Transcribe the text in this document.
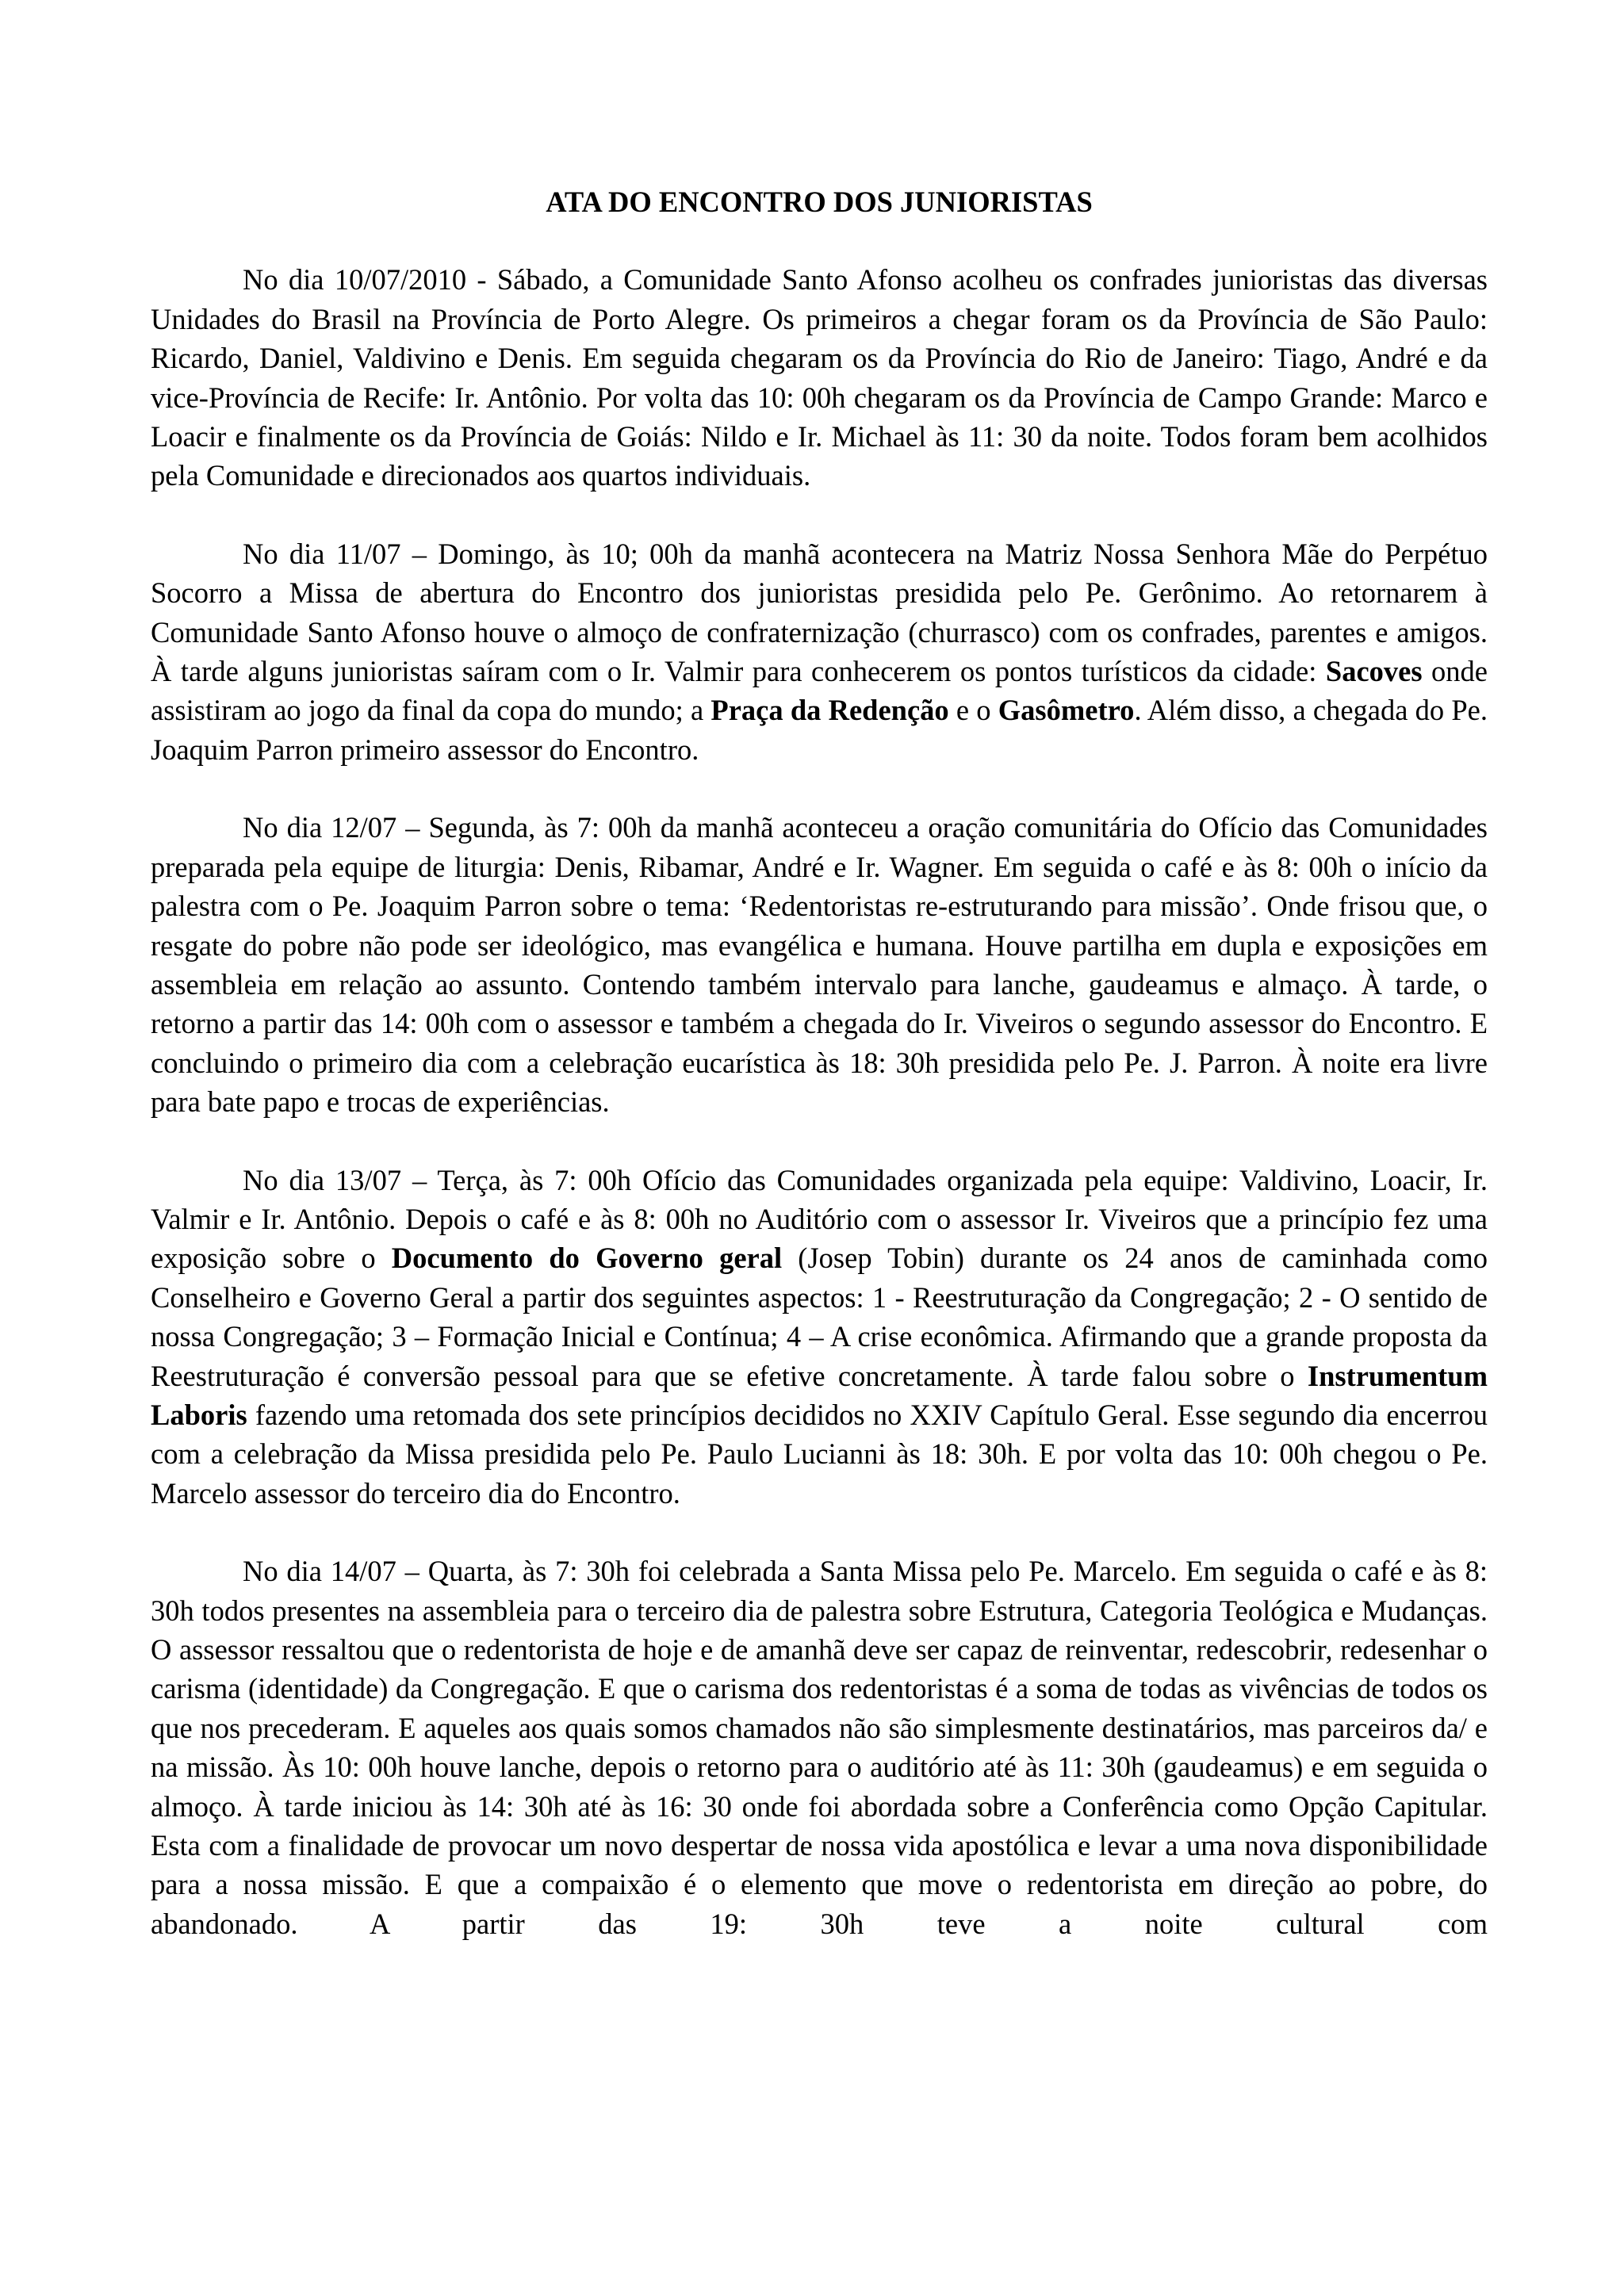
ATA DO ENCONTRO DOS JUNIORISTAS

No dia 10/07/2010 - Sábado, a Comunidade Santo Afonso acolheu os confrades junioristas das diversas Unidades do Brasil na Província de Porto Alegre. Os primeiros a chegar foram os da Província de São Paulo: Ricardo, Daniel, Valdivino e Denis. Em seguida chegaram os da Província do Rio de Janeiro: Tiago, André e da vice-Província de Recife: Ir. Antônio. Por volta das 10: 00h chegaram os da Província de Campo Grande: Marco e Loacir e finalmente os da Província de Goiás: Nildo e Ir. Michael às 11: 30 da noite. Todos foram bem acolhidos pela Comunidade e direcionados aos quartos individuais.

No dia 11/07 – Domingo, às 10; 00h da manhã acontecera na Matriz Nossa Senhora Mãe do Perpétuo Socorro a Missa de abertura do Encontro dos junioristas presidida pelo Pe. Gerônimo. Ao retornarem à Comunidade Santo Afonso houve o almoço de confraternização (churrasco) com os confrades, parentes e amigos. À tarde alguns junioristas saíram com o Ir. Valmir para conhecerem os pontos turísticos da cidade: Sacoves onde assistiram ao jogo da final da copa do mundo; a Praça da Redenção e o Gasômetro. Além disso, a chegada do Pe. Joaquim Parron primeiro assessor do Encontro.

No dia 12/07 – Segunda, às 7: 00h da manhã aconteceu a oração comunitária do Ofício das Comunidades preparada pela equipe de liturgia: Denis, Ribamar, André e Ir. Wagner. Em seguida o café e às 8: 00h o início da palestra com o Pe. Joaquim Parron sobre o tema: ‘Redentoristas re-estruturando para missão’. Onde frisou que, o resgate do pobre não pode ser ideológico, mas evangélica e humana. Houve partilha em dupla e exposições em assembleia em relação ao assunto. Contendo também intervalo para lanche, gaudeamus e almaço. À tarde, o retorno a partir das 14: 00h com o assessor e também a chegada do Ir. Viveiros o segundo assessor do Encontro. E concluindo o primeiro dia com a celebração eucarística às 18: 30h presidida pelo Pe. J. Parron. À noite era livre para bate papo e trocas de experiências.

No dia 13/07 – Terça, às 7: 00h Ofício das Comunidades organizada pela equipe: Valdivino, Loacir, Ir. Valmir e Ir. Antônio. Depois o café e às 8: 00h no Auditório com o assessor Ir. Viveiros que a princípio fez uma exposição sobre o Documento do Governo geral (Josep Tobin) durante os 24 anos de caminhada como Conselheiro e Governo Geral a partir dos seguintes aspectos: 1 - Reestruturação da Congregação; 2 - O sentido de nossa Congregação; 3 – Formação Inicial e Contínua; 4 – A crise econômica. Afirmando que a grande proposta da Reestruturação é conversão pessoal para que se efetive concretamente. À tarde falou sobre o Instrumentum Laboris fazendo uma retomada dos sete princípios decididos no XXIV Capítulo Geral. Esse segundo dia encerrou com a celebração da Missa presidida pelo Pe. Paulo Lucianni às 18: 30h. E por volta das 10: 00h chegou o Pe. Marcelo assessor do terceiro dia do Encontro.

No dia 14/07 – Quarta, às 7: 30h foi celebrada a Santa Missa pelo Pe. Marcelo. Em seguida o café e às 8: 30h todos presentes na assembleia para o terceiro dia de palestra sobre Estrutura, Categoria Teológica e Mudanças. O assessor ressaltou que o redentorista de hoje e de amanhã deve ser capaz de reinventar, redescobrir, redesenhar o carisma (identidade) da Congregação. E que o carisma dos redentoristas é a soma de todas as vivências de todos os que nos precederam. E aqueles aos quais somos chamados não são simplesmente destinatários, mas parceiros da/ e na missão. Às 10: 00h houve lanche, depois o retorno para o auditório até às 11: 30h (gaudeamus) e em seguida o almoço. À tarde iniciou às 14: 30h até às 16: 30 onde foi abordada sobre a Conferência como Opção Capitular. Esta com a finalidade de provocar um novo despertar de nossa vida apostólica e levar a uma nova disponibilidade para a nossa missão. E que a compaixão é o elemento que move o redentorista em direção ao pobre, do abandonado. A partir das 19: 30h teve a noite cultural com
